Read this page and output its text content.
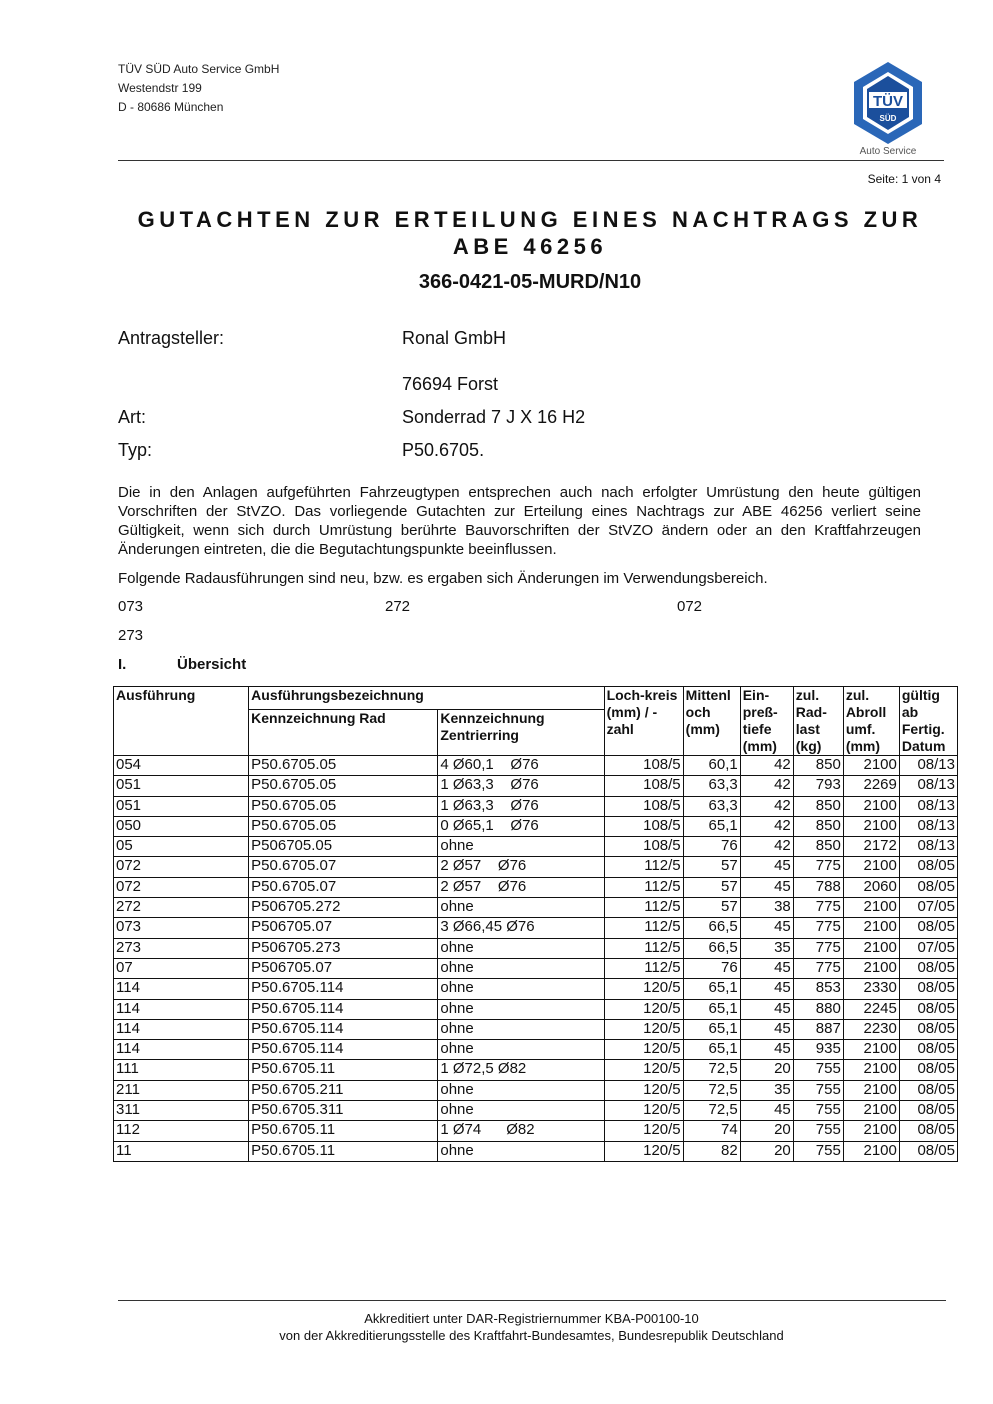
TÜV SÜD Auto Service GmbH
Westendstr 199
D - 80686 München	TÜV
SÜD
Auto Service
Seite: 1 von 4
GUTACHTEN ZUR ERTEILUNG EINES NACHTRAGS ZUR
ABE 46256
366-0421-05-MURD/N10
Antragsteller:	Ronal GmbH
76694 Forst
Art:	Sonderrad 7 J X 16 H2
Typ:	P50.6705.
Die in den Anlagen aufgeführten Fahrzeugtypen entsprechen auch nach erfolgter Umrüstung den heute gültigen Vorschriften der StVZO. Das vorliegende Gutachten zur Erteilung eines Nachtrags zur ABE 46256 verliert seine Gültigkeit, wenn sich durch Umrüstung berührte Bauvorschriften der StVZO ändern oder an den Kraftfahrzeugen Änderungen eintreten, die die Begutachtungspunkte beeinflussen.
Folgende Radausführungen sind neu, bzw. es ergaben sich Änderungen im Verwendungsbereich.
073	272	072
273
I.	Übersicht
Ausführung	Ausführungsbezeichnung		Loch-kreis (mm) / -zahl	Mittenl och (mm)	Ein-preß-tiefe (mm)	zul. Rad-last (kg)	zul. Abroll umf. (mm)	gültig ab Fertig. Datum
	Kennzeichnung Rad	Kennzeichnung Zentrierring						
054	P50.6705.05	4 Ø60,1    Ø76	108/5	60,1	42	850	2100	08/13
051	P50.6705.05	1 Ø63,3    Ø76	108/5	63,3	42	793	2269	08/13
051	P50.6705.05	1 Ø63,3    Ø76	108/5	63,3	42	850	2100	08/13
050	P50.6705.05	0 Ø65,1    Ø76	108/5	65,1	42	850	2100	08/13
05	P506705.05	ohne	108/5	76	42	850	2172	08/13
072	P50.6705.07	2 Ø57    Ø76	112/5	57	45	775	2100	08/05
072	P50.6705.07	2 Ø57    Ø76	112/5	57	45	788	2060	08/05
272	P506705.272	ohne	112/5	57	38	775	2100	07/05
073	P506705.07	3 Ø66,45 Ø76	112/5	66,5	45	775	2100	08/05
273	P506705.273	ohne	112/5	66,5	35	775	2100	07/05
07	P506705.07	ohne	112/5	76	45	775	2100	08/05
114	P50.6705.114	ohne	120/5	65,1	45	853	2330	08/05
114	P50.6705.114	ohne	120/5	65,1	45	880	2245	08/05
114	P50.6705.114	ohne	120/5	65,1	45	887	2230	08/05
114	P50.6705.114	ohne	120/5	65,1	45	935	2100	08/05
111	P50.6705.11	1 Ø72,5 Ø82	120/5	72,5	20	755	2100	08/05
211	P50.6705.211	ohne	120/5	72,5	35	755	2100	08/05
311	P50.6705.311	ohne	120/5	72,5	45	755	2100	08/05
112	P50.6705.11	1 Ø74      Ø82	120/5	74	20	755	2100	08/05
11	P50.6705.11	ohne	120/5	82	20	755	2100	08/05
Akkreditiert unter DAR-Registriernummer KBA-P00100-10
von der Akkreditierungsstelle des Kraftfahrt-Bundesamtes, Bundesrepublik Deutschland
